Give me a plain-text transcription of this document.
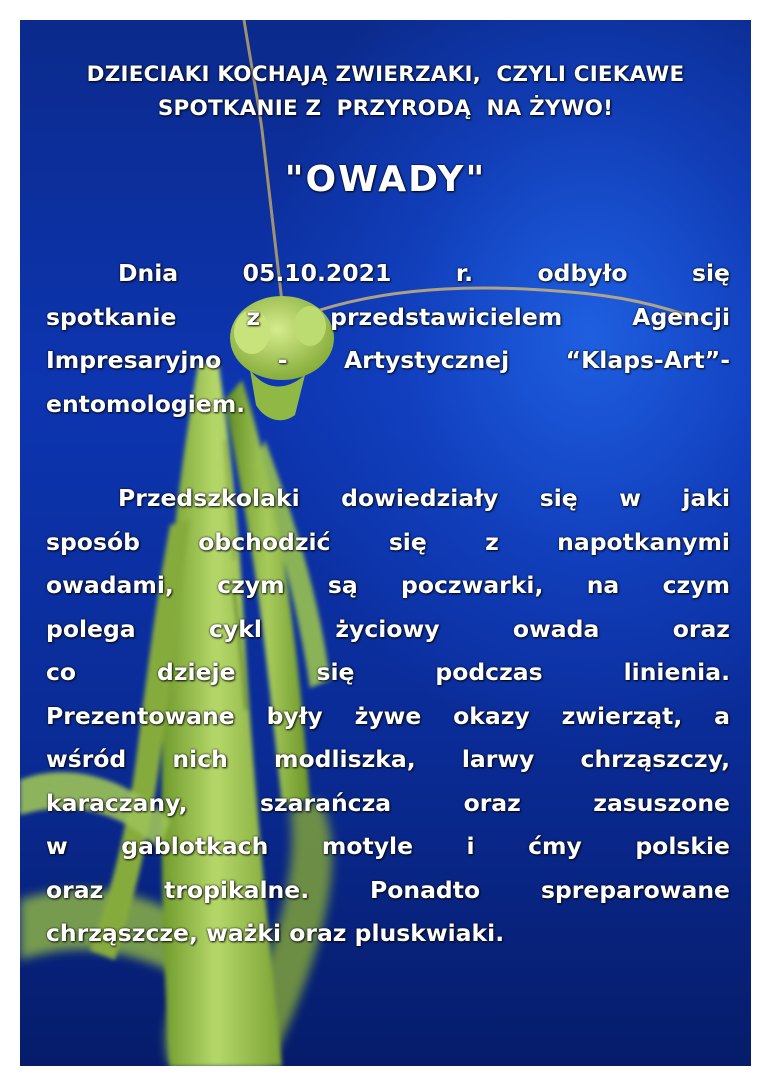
DZIECIAKI KOCHAJĄ ZWIERZAKI,  CZYLI CIEKAWE
SPOTKANIE Z  PRZYRODĄ  NA ŻYWO!
"OWADY"
Dnia 05.10.2021 r. odbyło się
spotkanie z przedstawicielem Agencji
Impresaryjno - Artystycznej “Klaps-Art”-
entomologiem.
Przedszkolaki dowiedziały się w jaki
sposób obchodzić się z napotkanymi
owadami, czym są poczwarki, na czym
polega cykl życiowy owada oraz
co dzieje się podczas linienia.
Prezentowane były żywe okazy zwierząt, a
wśród nich modliszka, larwy chrząszczy,
karaczany, szarańcza oraz zasuszone
w gablotkach motyle i ćmy polskie
oraz tropikalne. Ponadto spreparowane
chrząszcze, ważki oraz pluskwiaki.
